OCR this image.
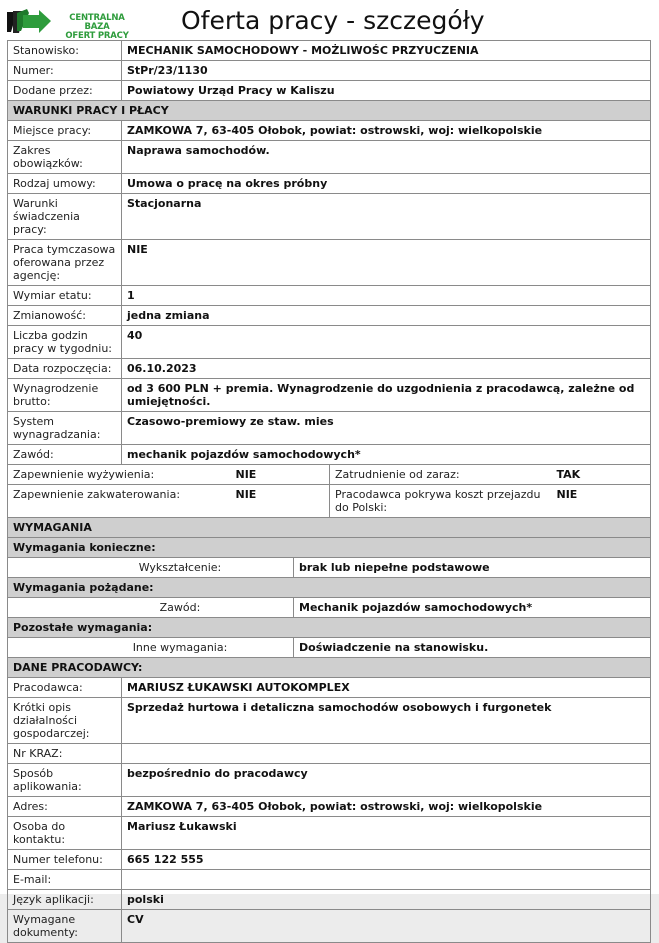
CENTRALNA BAZA
OFERT PRACY
Oferta pracy - szczegóły
Stanowisko:	MECHANIK SAMOCHODOWY - MOŻLIWOŚC PRZYUCZENIA
Numer:	StPr/23/1130
Dodane przez:	Powiatowy Urząd Pracy w Kaliszu
WARUNKI PRACY I PŁACY
Miejsce pracy:	ZAMKOWA 7, 63-405 Ołobok, powiat: ostrowski, woj: wielkopolskie
Zakres obowiązków:	Naprawa samochodów.
Rodzaj umowy:	Umowa o pracę na okres próbny
Warunki świadczenia pracy:	Stacjonarna
Praca tymczasowa oferowana przez agencję:	NIE
Wymiar etatu:	1
Zmianowość:	jedna zmiana
Liczba godzin pracy w tygodniu:	40
Data rozpoczęcia:	06.10.2023
Wynagrodzenie brutto:	od 3 600 PLN + premia. Wynagrodzenie do uzgodnienia z pracodawcą, zależne od umiejętności.
System wynagradzania:	Czasowo-premiowy ze staw. mies
Zawód:	mechanik pojazdów samochodowych*
Zapewnienie wyżywienia:	NIE	Zatrudnienie od zaraz:	TAK
Zapewnienie zakwaterowania:	NIE	Pracodawca pokrywa koszt przejazdu do Polski:	NIE
WYMAGANIA
Wymagania konieczne:
Wykształcenie:	brak lub niepełne podstawowe
Wymagania pożądane:
Zawód:	Mechanik pojazdów samochodowych*
Pozostałe wymagania:
Inne wymagania:	Doświadczenie na stanowisku.
DANE PRACODAWCY:
Pracodawca:	MARIUSZ ŁUKAWSKI AUTOKOMPLEX
Krótki opis działalności gospodarczej:	Sprzedaż hurtowa i detaliczna samochodów osobowych i furgonetek
Nr KRAZ:	
Sposób aplikowania:	bezpośrednio do pracodawcy
Adres:	ZAMKOWA 7, 63-405 Ołobok, powiat: ostrowski, woj: wielkopolskie
Osoba do kontaktu:	Mariusz Łukawski
Numer telefonu:	665 122 555
E-mail:	
Język aplikacji:	polski
Wymagane dokumenty:	CV
